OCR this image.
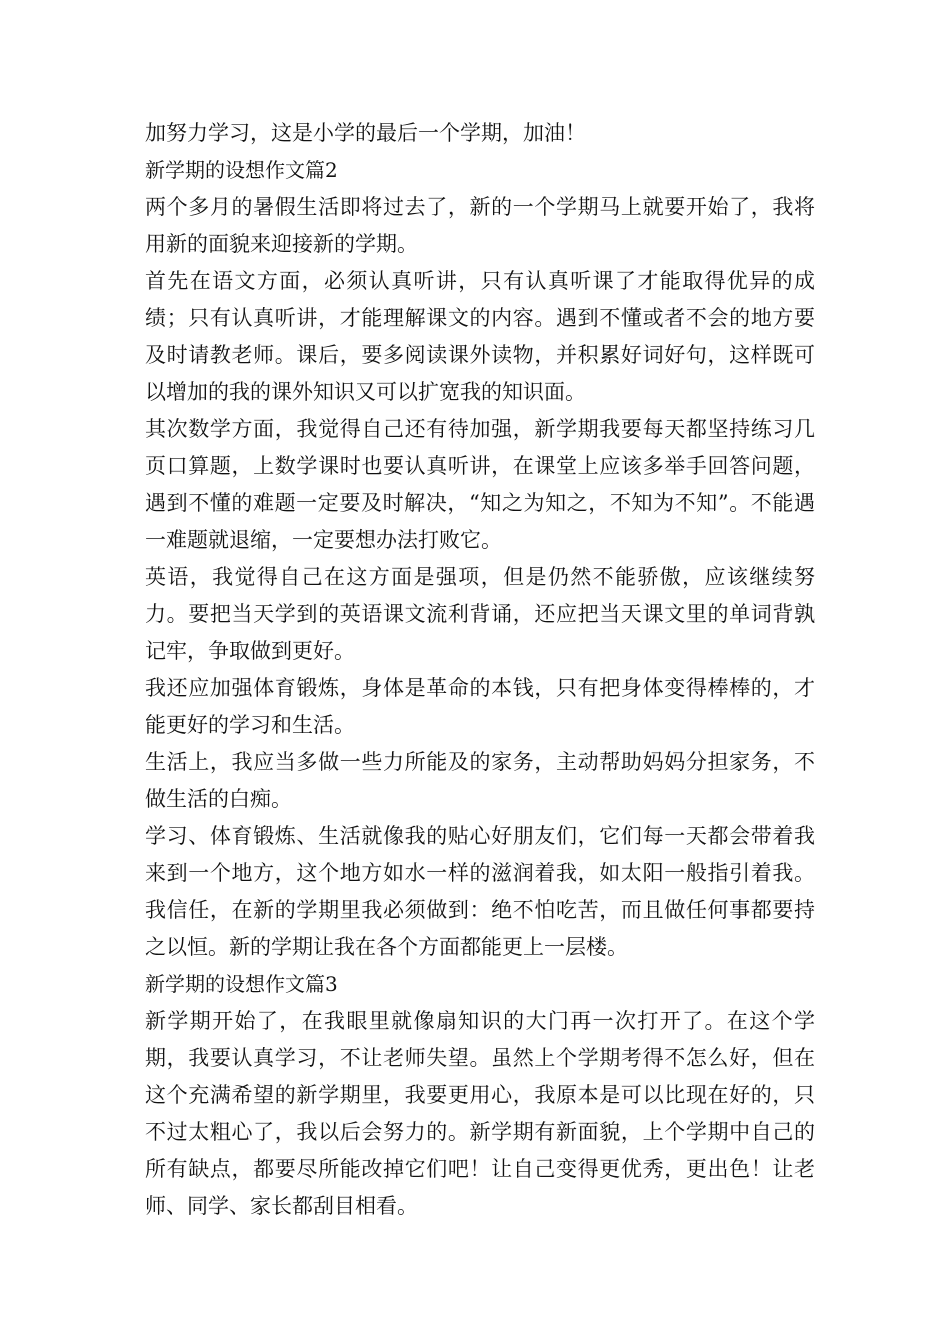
加努力学习，这是小学的最后一个学期，加油！

新学期的设想作文篇2

两个多月的暑假生活即将过去了，新的一个学期马上就要开始了，我将用新的面貌来迎接新的学期。

首先在语文方面，必须认真听讲，只有认真听课了才能取得优异的成绩；只有认真听讲，才能理解课文的内容。遇到不懂或者不会的地方要及时请教老师。课后，要多阅读课外读物，并积累好词好句，这样既可以增加的我的课外知识又可以扩宽我的知识面。

其次数学方面，我觉得自己还有待加强，新学期我要每天都坚持练习几页口算题，上数学课时也要认真听讲，在课堂上应该多举手回答问题，遇到不懂的难题一定要及时解决，“知之为知之，不知为不知”。不能遇一难题就退缩，一定要想办法打败它。

英语，我觉得自己在这方面是强项，但是仍然不能骄傲，应该继续努力。要把当天学到的英语课文流利背诵，还应把当天课文里的单词背孰记牢，争取做到更好。

我还应加强体育锻炼，身体是革命的本钱，只有把身体变得棒棒的，才能更好的学习和生活。

生活上，我应当多做一些力所能及的家务，主动帮助妈妈分担家务，不做生活的白痴。

学习、体育锻炼、生活就像我的贴心好朋友们，它们每一天都会带着我来到一个地方，这个地方如水一样的滋润着我，如太阳一般指引着我。我信任，在新的学期里我必须做到：绝不怕吃苦，而且做任何事都要持之以恒。新的学期让我在各个方面都能更上一层楼。

新学期的设想作文篇3

新学期开始了，在我眼里就像扇知识的大门再一次打开了。在这个学期，我要认真学习，不让老师失望。虽然上个学期考得不怎么好，但在这个充满希望的新学期里，我要更用心，我原本是可以比现在好的，只不过太粗心了，我以后会努力的。新学期有新面貌，上个学期中自己的所有缺点，都要尽所能改掉它们吧！让自己变得更优秀，更出色！让老师、同学、家长都刮目相看。
